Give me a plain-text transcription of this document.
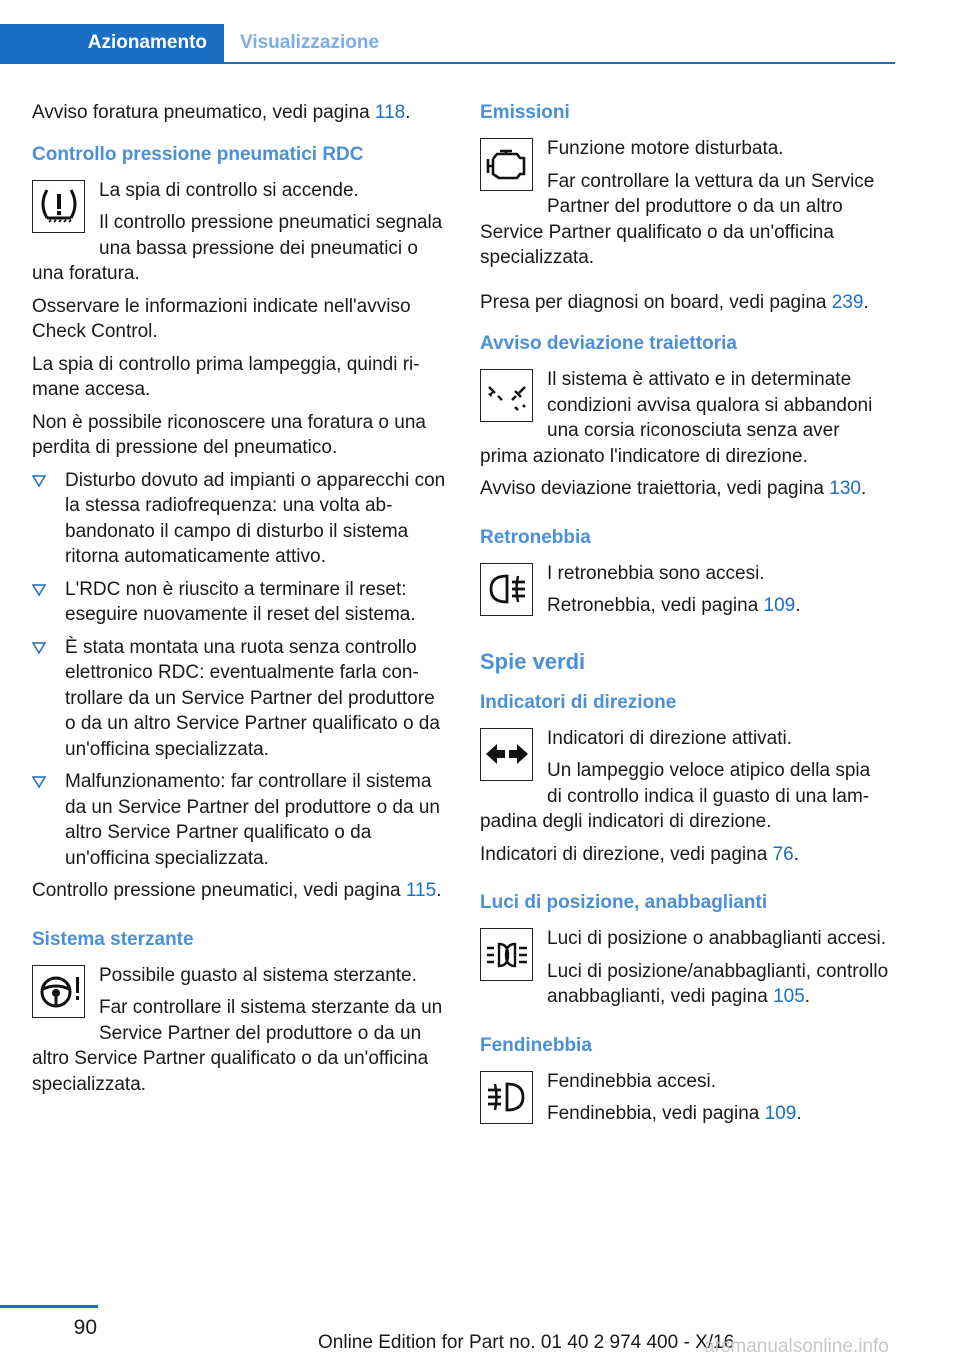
Azionamento	Visualizzazione

Avviso foratura pneumatico, vedi pagina 118.

Controllo pressione pneumatici RDC

La spia di controllo si accende.

Il controllo pressione pneumatici segnala una bassa pressione dei pneumatici o una foratura.

Osservare le informazioni indicate nell'avviso Check Control.

La spia di controllo prima lampeggia, quindi rimane accesa.

Non è possibile riconoscere una foratura o una perdita di pressione del pneumatico.

Disturbo dovuto ad impianti o apparecchi con la stessa radiofrequenza: una volta abbandonato il campo di disturbo il sistema ritorna automaticamente attivo.
L'RDC non è riuscito a terminare il reset: eseguire nuovamente il reset del sistema.
È stata montata una ruota senza controllo elettronico RDC: eventualmente farla controllare da un Service Partner del produttore o da un altro Service Partner qualificato o da un'officina specializzata.
Malfunzionamento: far controllare il sistema da un Service Partner del produttore o da un altro Service Partner qualificato o da un'officina specializzata.

Controllo pressione pneumatici, vedi pagina 115.

Sistema sterzante

Possibile guasto al sistema sterzante.

Far controllare il sistema sterzante da un Service Partner del produttore o da un altro Service Partner qualificato o da un'officina specializzata.

Emissioni

Funzione motore disturbata.

Far controllare la vettura da un Service Partner del produttore o da un altro Service Partner qualificato o da un'officina specializzata.

Presa per diagnosi on board, vedi pagina 239.

Avviso deviazione traiettoria

Il sistema è attivato e in determinate condizioni avvisa qualora si abbandoni una corsia riconosciuta senza aver prima azionato l'indicatore di direzione.

Avviso deviazione traiettoria, vedi pagina 130.

Retronebbia

I retronebbia sono accesi.

Retronebbia, vedi pagina 109.

Spie verdi
Indicatori di direzione

Indicatori di direzione attivati.

Un lampeggio veloce atipico della spia di controllo indica il guasto di una lampadina degli indicatori di direzione.

Indicatori di direzione, vedi pagina 76.

Luci di posizione, anabbaglianti

Luci di posizione o anabbaglianti accesi.

Luci di posizione/anabbaglianti, controllo anabbaglianti, vedi pagina 105.

Fendinebbia

Fendinebbia accesi.

Fendinebbia, vedi pagina 109.

90
Online Edition for Part no. 01 40 2 974 400 - X/16
arsmanualsonline.info
